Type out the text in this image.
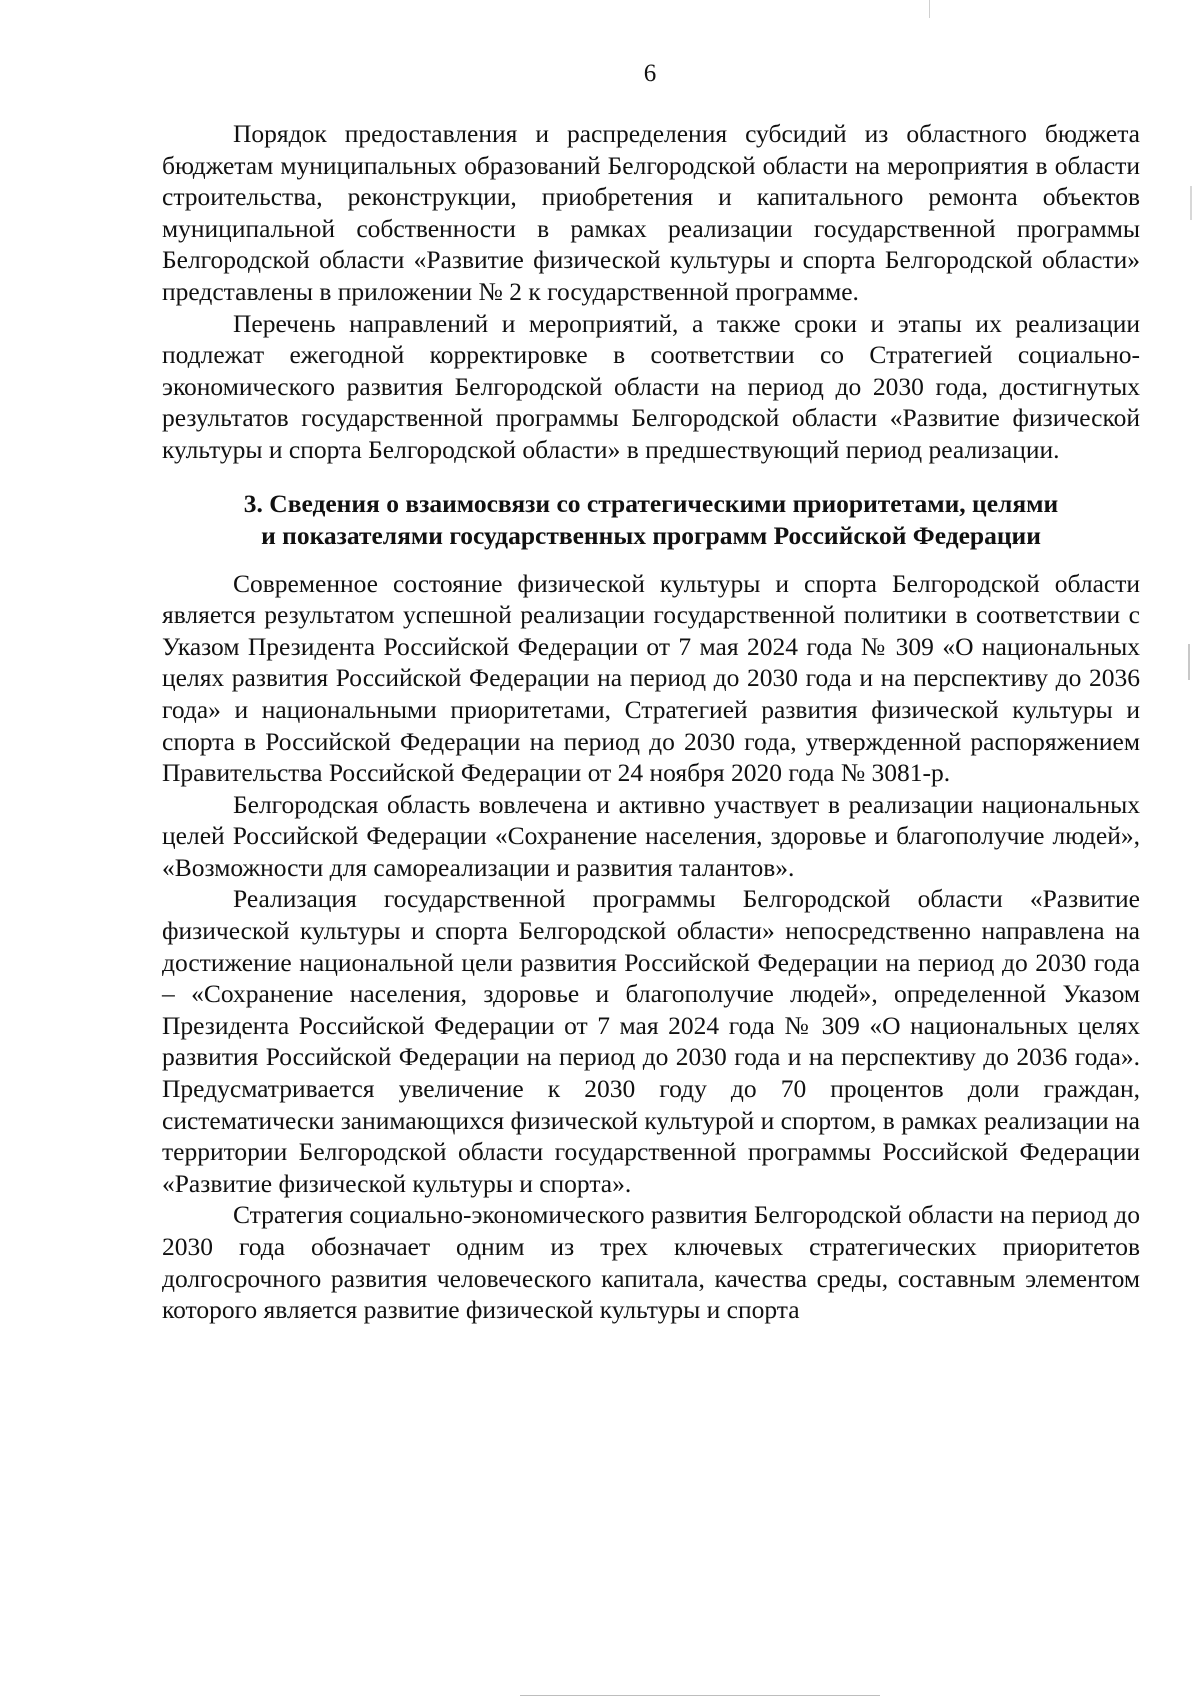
6

Порядок предоставления и распределения субсидий из областного бюджета бюджетам муниципальных образований Белгородской области на мероприятия в области строительства, реконструкции, приобретения и капитального ремонта объектов муниципальной собственности в рамках реализации государственной программы Белгородской области «Развитие физической культуры и спорта Белгородской области» представлены в приложении № 2 к государственной программе.

Перечень направлений и мероприятий, а также сроки и этапы их реализации подлежат ежегодной корректировке в соответствии со Стратегией социально-экономического развития Белгородской области на период до 2030 года, достигнутых результатов государственной программы Белгородской области «Развитие физической культуры и спорта Белгородской области» в предшествующий период реализации.

3. Сведения о взаимосвязи со стратегическими приоритетами, целями
и показателями государственных программ Российской Федерации

Современное состояние физической культуры и спорта Белгородской области является результатом успешной реализации государственной политики в соответствии с Указом Президента Российской Федерации от 7 мая 2024 года № 309 «О национальных целях развития Российской Федерации на период до 2030 года и на перспективу до 2036 года» и национальными приоритетами, Стратегией развития физической культуры и спорта в Российской Федерации на период до 2030 года, утвержденной распоряжением Правительства Российской Федерации от 24 ноября 2020 года № 3081-р.

Белгородская область вовлечена и активно участвует в реализации национальных целей Российской Федерации «Сохранение населения, здоровье и благополучие людей», «Возможности для самореализации и развития талантов».

Реализация государственной программы Белгородской области «Развитие физической культуры и спорта Белгородской области» непосредственно направлена на достижение национальной цели развития Российской Федерации на период до 2030 года – «Сохранение населения, здоровье и благополучие людей», определенной Указом Президента Российской Федерации от 7 мая 2024 года № 309 «О национальных целях развития Российской Федерации на период до 2030 года и на перспективу до 2036 года». Предусматривается увеличение к 2030 году до 70 процентов доли граждан, систематически занимающихся физической культурой и спортом, в рамках реализации на территории Белгородской области государственной программы Российской Федерации «Развитие физической культуры и спорта».

Стратегия социально-экономического развития Белгородской области на период до 2030 года обозначает одним из трех ключевых стратегических приоритетов долгосрочного развития человеческого капитала, качества среды, составным элементом которого является развитие физической культуры и спорта
